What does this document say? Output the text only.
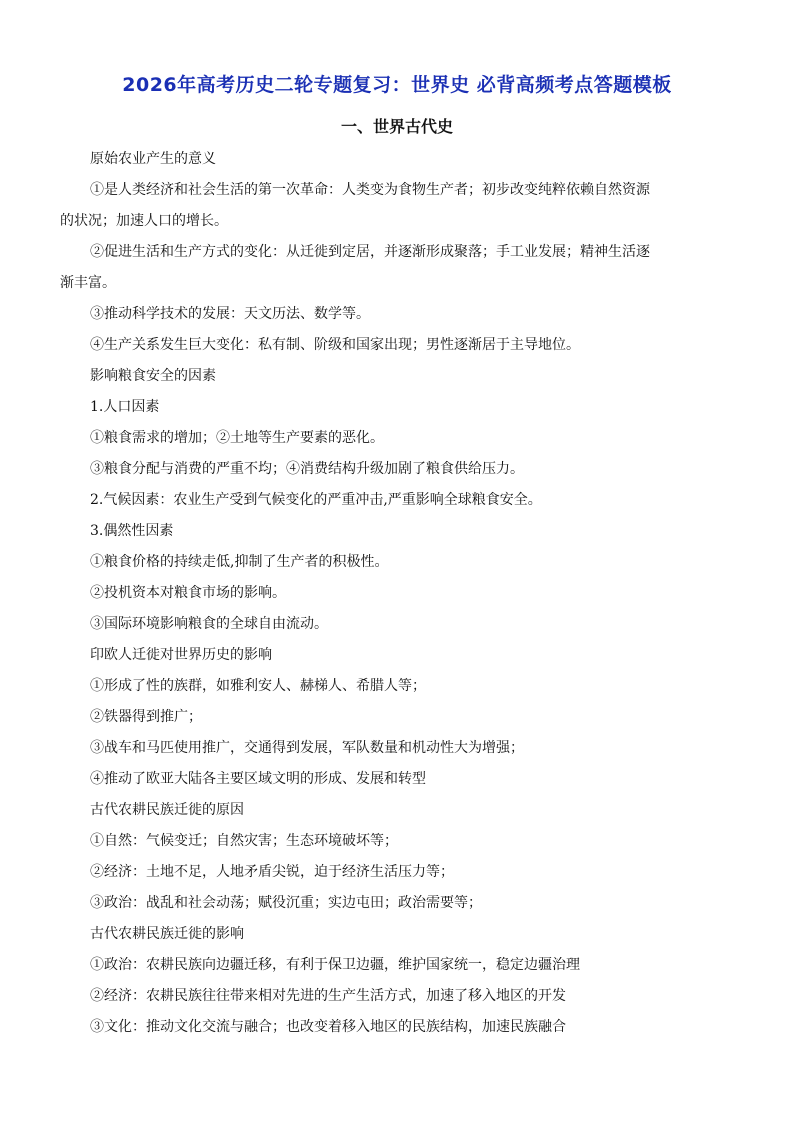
2026年高考历史二轮专题复习：世界史 必背高频考点答题模板
一、世界古代史
原始农业产生的意义
①是人类经济和社会生活的第一次革命：人类变为食物生产者；初步改变纯粹依赖自然资源
的状况；加速人口的增长。
②促进生活和生产方式的变化：从迁徙到定居，并逐渐形成聚落；手工业发展；精神生活逐
渐丰富。
③推动科学技术的发展：天文历法、数学等。
④生产关系发生巨大变化：私有制、阶级和国家出现；男性逐渐居于主导地位。
影响粮食安全的因素
1.人口因素
①粮食需求的增加；②土地等生产要素的恶化。
③粮食分配与消费的严重不均；④消费结构升级加剧了粮食供给压力。
2.气候因素：农业生产受到气候变化的严重冲击,严重影响全球粮食安全。
3.偶然性因素
①粮食价格的持续走低,抑制了生产者的积极性。
②投机资本对粮食市场的影响。
③国际环境影响粮食的全球自由流动。
印欧人迁徙对世界历史的影响
①形成了性的族群，如雅利安人、赫梯人、希腊人等；
②铁器得到推广；
③战车和马匹使用推广，交通得到发展，军队数量和机动性大为增强；
④推动了欧亚大陆各主要区域文明的形成、发展和转型
古代农耕民族迁徙的原因
①自然：气候变迁；自然灾害；生态环境破坏等；
②经济：土地不足，人地矛盾尖锐，迫于经济生活压力等；
③政治：战乱和社会动荡；赋役沉重；实边屯田；政治需要等；
古代农耕民族迁徙的影响
①政治：农耕民族向边疆迁移，有利于保卫边疆，维护国家统一，稳定边疆治理
②经济：农耕民族往往带来相对先进的生产生活方式，加速了移入地区的开发
③文化：推动文化交流与融合；也改变着移入地区的民族结构，加速民族融合
